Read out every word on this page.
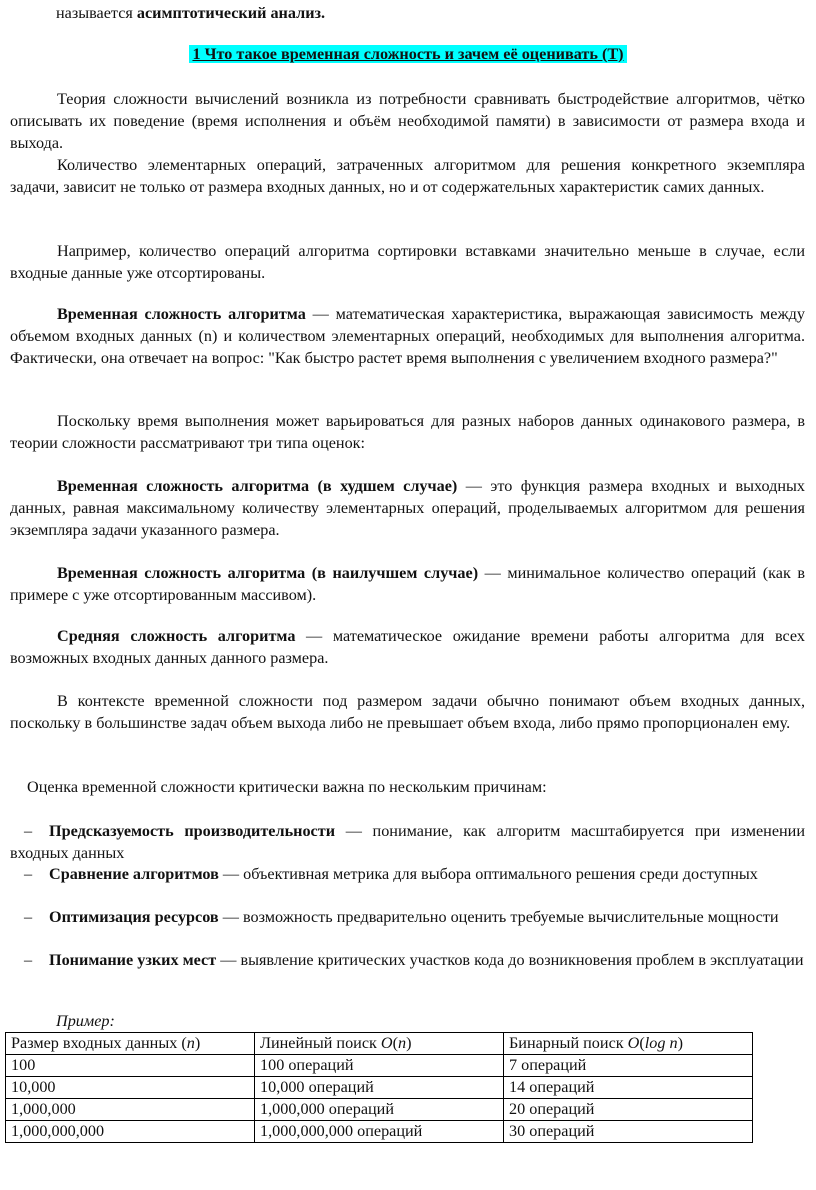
называется асимптотический анализ.

1 Что такое временная сложность и зачем её оценивать (Т)

Теория сложности вычислений возникла из потребности сравнивать быстродействие алгоритмов, чётко описывать их поведение (время исполнения и объём необходимой памяти) в зависимости от размера входа и выхода.

Количество элементарных операций, затраченных алгоритмом для решения конкретного экземпляра задачи, зависит не только от размера входных данных, но и от содержательных характеристик самих данных.

Например, количество операций алгоритма сортировки вставками значительно меньше в случае, если входные данные уже отсортированы.

Временная сложность алгоритма — математическая характеристика, выражающая зависимость между объемом входных данных (n) и количеством элементарных операций, необходимых для выполнения алгоритма. Фактически, она отвечает на вопрос: "Как быстро растет время выполнения с увеличением входного размера?"

Поскольку время выполнения может варьироваться для разных наборов данных одинакового размера, в теории сложности рассматривают три типа оценок:

Временная сложность алгоритма (в худшем случае) — это функция размера входных и выходных данных, равная максимальному количеству элементарных операций, проделываемых алгоритмом для решения экземпляра задачи указанного размера.

Временная сложность алгоритма (в наилучшем случае) — минимальное количество операций (как в примере с уже отсортированным массивом).

Средняя сложность алгоритма — математическое ожидание времени работы алгоритма для всех возможных входных данных данного размера.

В контексте временной сложности под размером задачи обычно понимают объем входных данных, поскольку в большинстве задач объем выхода либо не превышает объем входа, либо прямо пропорционален ему.

Оценка временной сложности критически важна по нескольким причинам:

– Предсказуемость производительности — понимание, как алгоритм масштабируется при изменении входных данных

– Сравнение алгоритмов — объективная метрика для выбора оптимального решения среди доступных

– Оптимизация ресурсов — возможность предварительно оценить требуемые вычислительные мощности

– Понимание узких мест — выявление критических участков кода до возникновения проблем в эксплуатации

Пример:

Размер входных данных (n)	Линейный поиск O(n)	Бинарный поиск O(log n)
100	100 операций	7 операций
10,000	10,000 операций	14 операций
1,000,000	1,000,000 операций	20 операций
1,000,000,000	1,000,000,000 операций	30 операций
